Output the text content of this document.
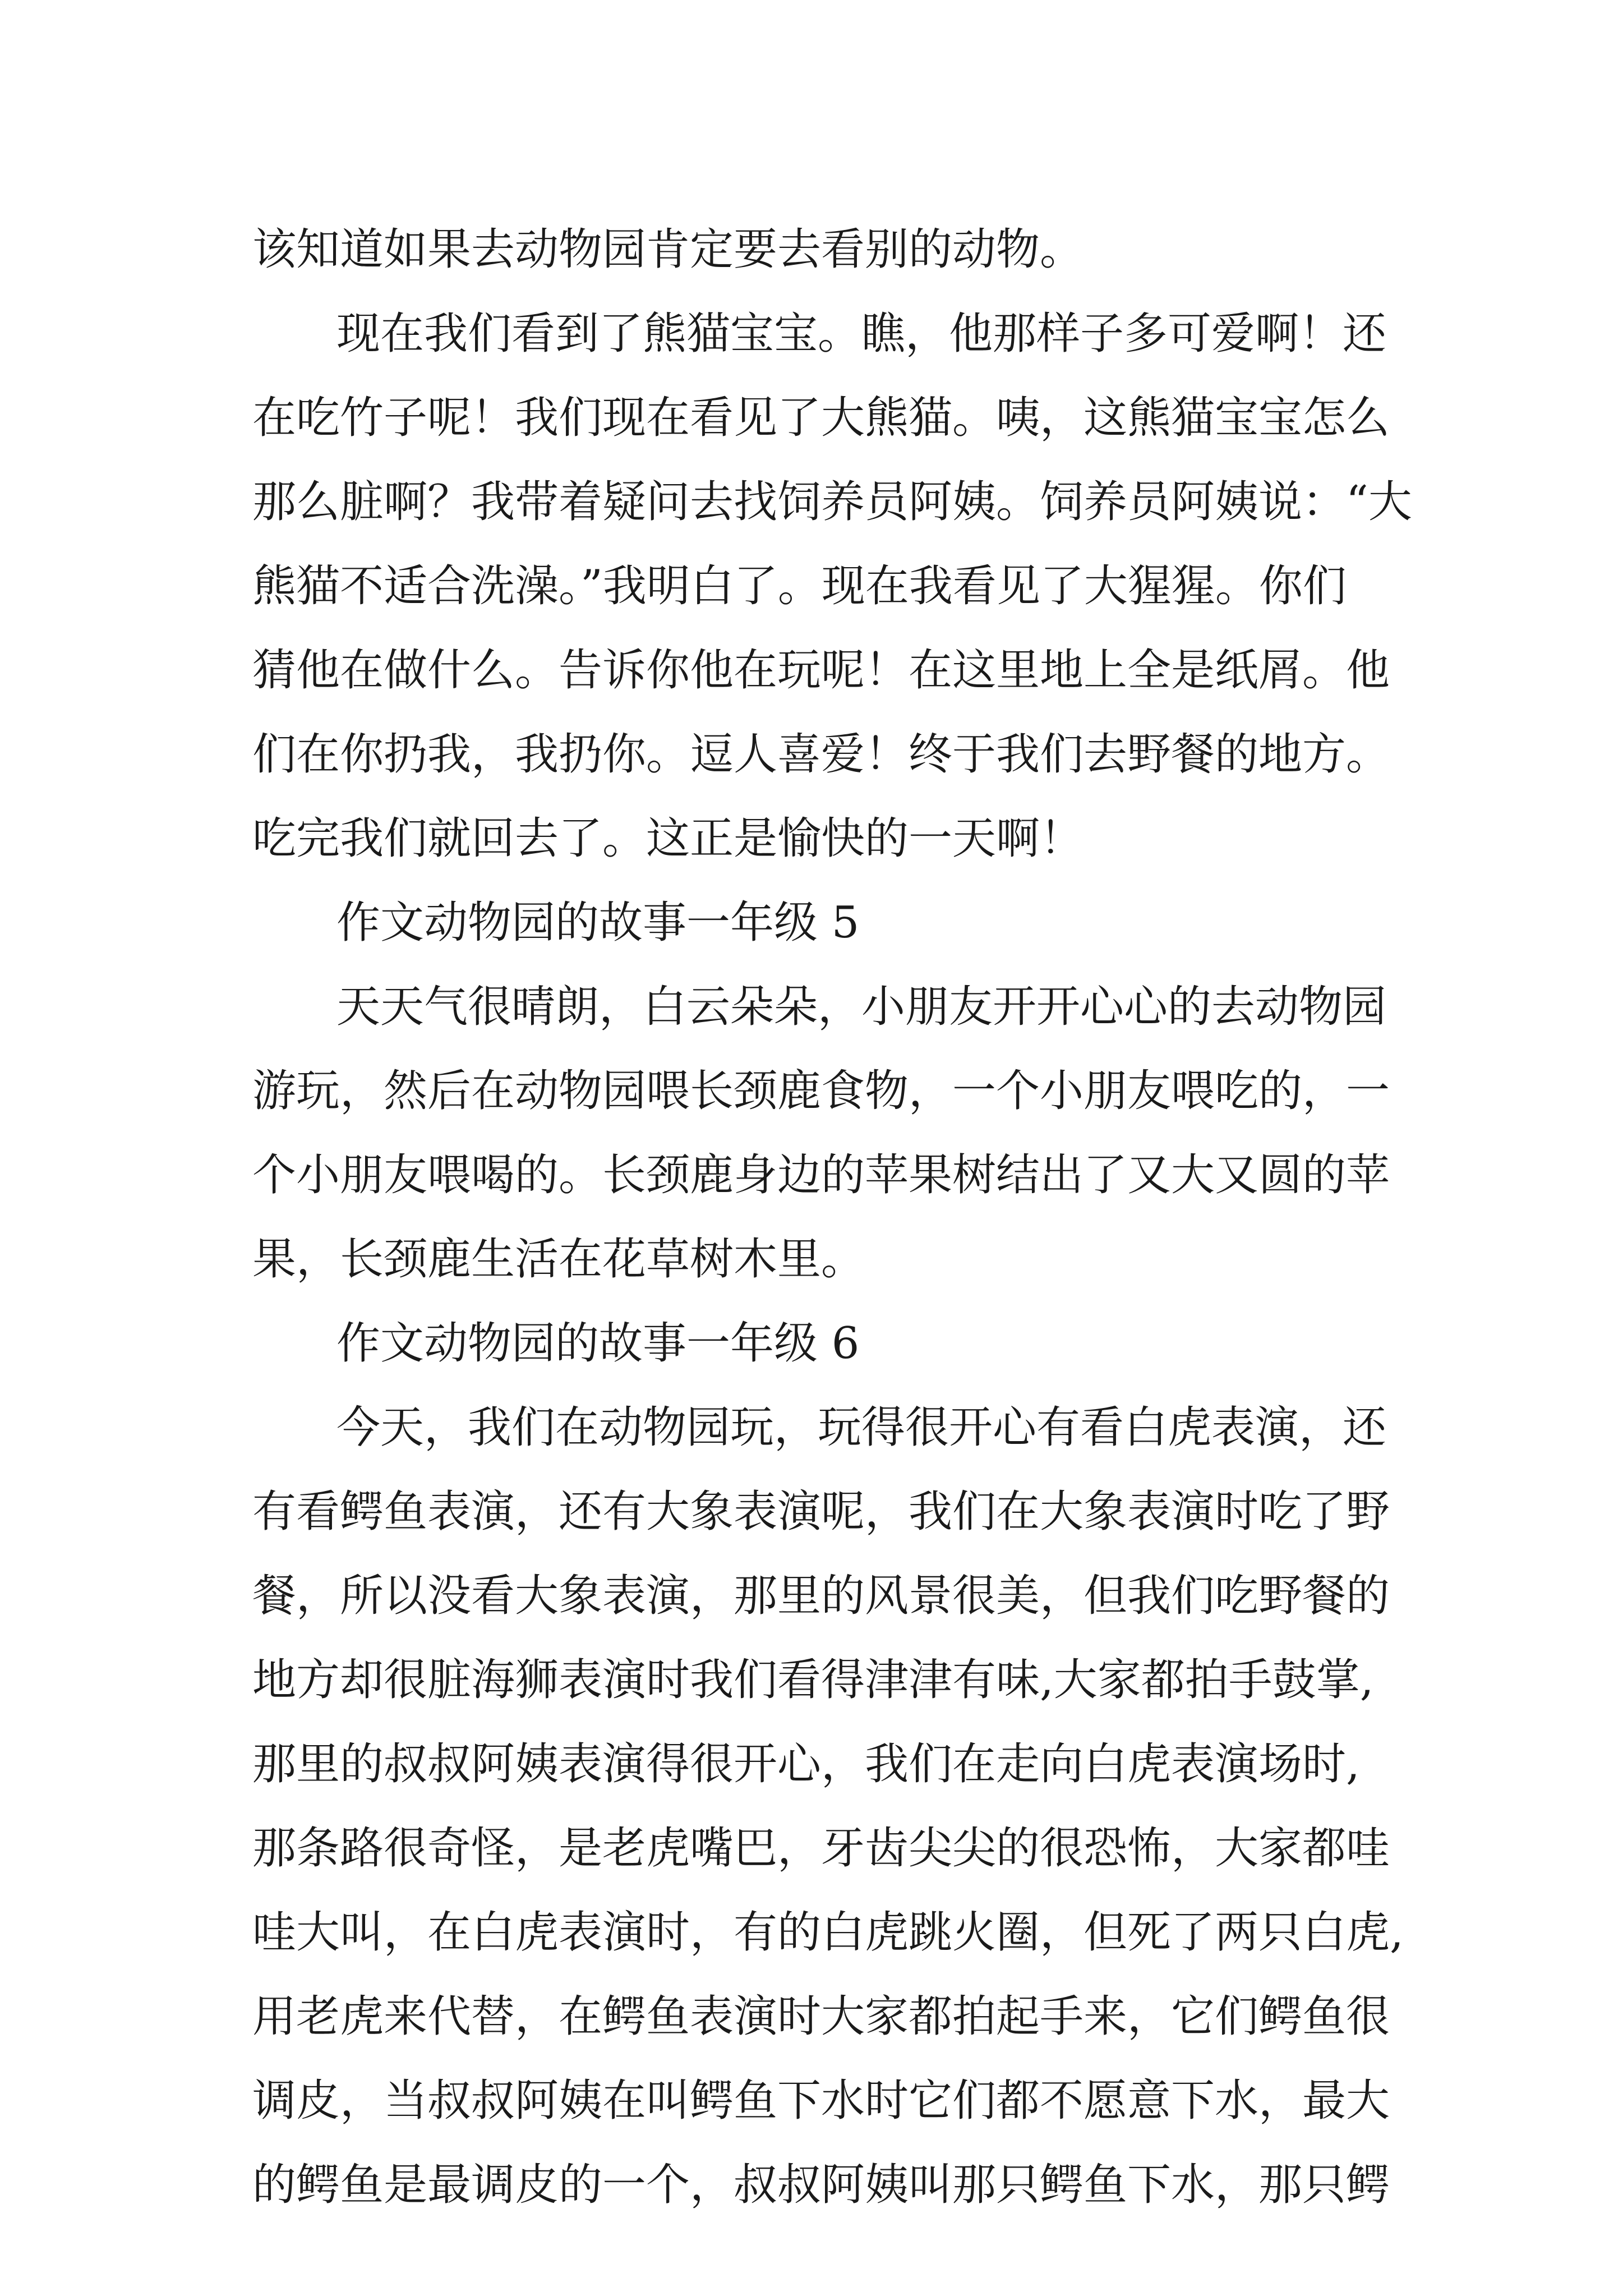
该知道如果去动物园肯定要去看别的动物。
现在我们看到了熊猫宝宝。瞧，他那样子多可爱啊！还
在吃竹子呢！我们现在看见了大熊猫。咦，这熊猫宝宝怎么
那么脏啊？我带着疑问去找饲养员阿姨。饲养员阿姨说：“大
熊猫不适合洗澡。”我明白了。现在我看见了大猩猩。你们
猜他在做什么。告诉你他在玩呢！在这里地上全是纸屑。他
们在你扔我，我扔你。逗人喜爱！终于我们去野餐的地方。
吃完我们就回去了。这正是愉快的一天啊！
作文动物园的故事一年级 5
天天气很晴朗，白云朵朵，小朋友开开心心的去动物园
游玩，然后在动物园喂长颈鹿食物，一个小朋友喂吃的，一
个小朋友喂喝的。长颈鹿身边的苹果树结出了又大又圆的苹
果，长颈鹿生活在花草树木里。
作文动物园的故事一年级 6
今天，我们在动物园玩，玩得很开心有看白虎表演，还
有看鳄鱼表演，还有大象表演呢，我们在大象表演时吃了野
餐，所以没看大象表演，那里的风景很美，但我们吃野餐的
地方却很脏海狮表演时我们看得津津有味,大家都拍手鼓掌,
那里的叔叔阿姨表演得很开心，我们在走向白虎表演场时,
那条路很奇怪，是老虎嘴巴，牙齿尖尖的很恐怖，大家都哇
哇大叫，在白虎表演时，有的白虎跳火圈，但死了两只白虎,
用老虎来代替，在鳄鱼表演时大家都拍起手来，它们鳄鱼很
调皮，当叔叔阿姨在叫鳄鱼下水时它们都不愿意下水，最大
的鳄鱼是最调皮的一个，叔叔阿姨叫那只鳄鱼下水，那只鳄
